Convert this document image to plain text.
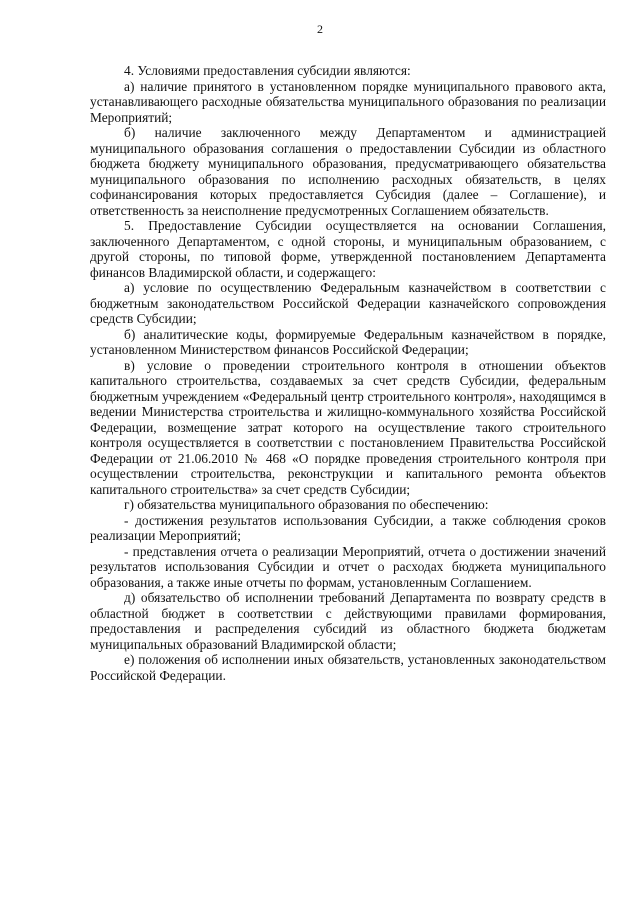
2

4. Условиями предоставления субсидии являются:

а) наличие принятого в установленном порядке муниципального правового акта, устанавливающего расходные обязательства муниципального образования по реализации Мероприятий;

б) наличие заключенного между Департаментом и администрацией муниципального образования соглашения о предоставлении Субсидии из областного бюджета бюджету муниципального образования, предусматривающего обязательства муниципального образования по исполнению расходных обязательств, в целях софинансирования которых предоставляется Субсидия (далее – Соглашение), и ответственность за неисполнение предусмотренных Соглашением обязательств.

5. Предоставление Субсидии осуществляется на основании Соглашения, заключенного Департаментом, с одной стороны, и муниципальным образованием, с другой стороны, по типовой форме, утвержденной постановлением Департамента финансов Владимирской области, и содержащего:

а) условие по осуществлению Федеральным казначейством в соответствии с бюджетным законодательством Российской Федерации казначейского сопровождения средств Субсидии;

б) аналитические коды, формируемые Федеральным казначейством в порядке, установленном Министерством финансов Российской Федерации;

в) условие о проведении строительного контроля в отношении объектов капитального строительства, создаваемых за счет средств Субсидии, федеральным бюджетным учреждением «Федеральный центр строительного контроля», находящимся в ведении Министерства строительства и жилищно-коммунального хозяйства Российской Федерации, возмещение затрат которого на осуществление такого строительного контроля осуществляется в соответствии с постановлением Правительства Российской Федерации от 21.06.2010 № 468 «О порядке проведения строительного контроля при осуществлении строительства, реконструкции и капитального ремонта объектов капитального строительства» за счет средств Субсидии;

г) обязательства муниципального образования по обеспечению:

- достижения результатов использования Субсидии, а также соблюдения сроков реализации Мероприятий;

- представления отчета о реализации Мероприятий, отчета о достижении значений результатов использования Субсидии и отчет о расходах бюджета муниципального образования, а также иные отчеты по формам, установленным Соглашением.

д) обязательство об исполнении требований Департамента по возврату средств в областной бюджет в соответствии с действующими правилами формирования, предоставления и распределения субсидий из областного бюджета бюджетам муниципальных образований Владимирской области;

е) положения об исполнении иных обязательств, установленных законодательством Российской Федерации.
